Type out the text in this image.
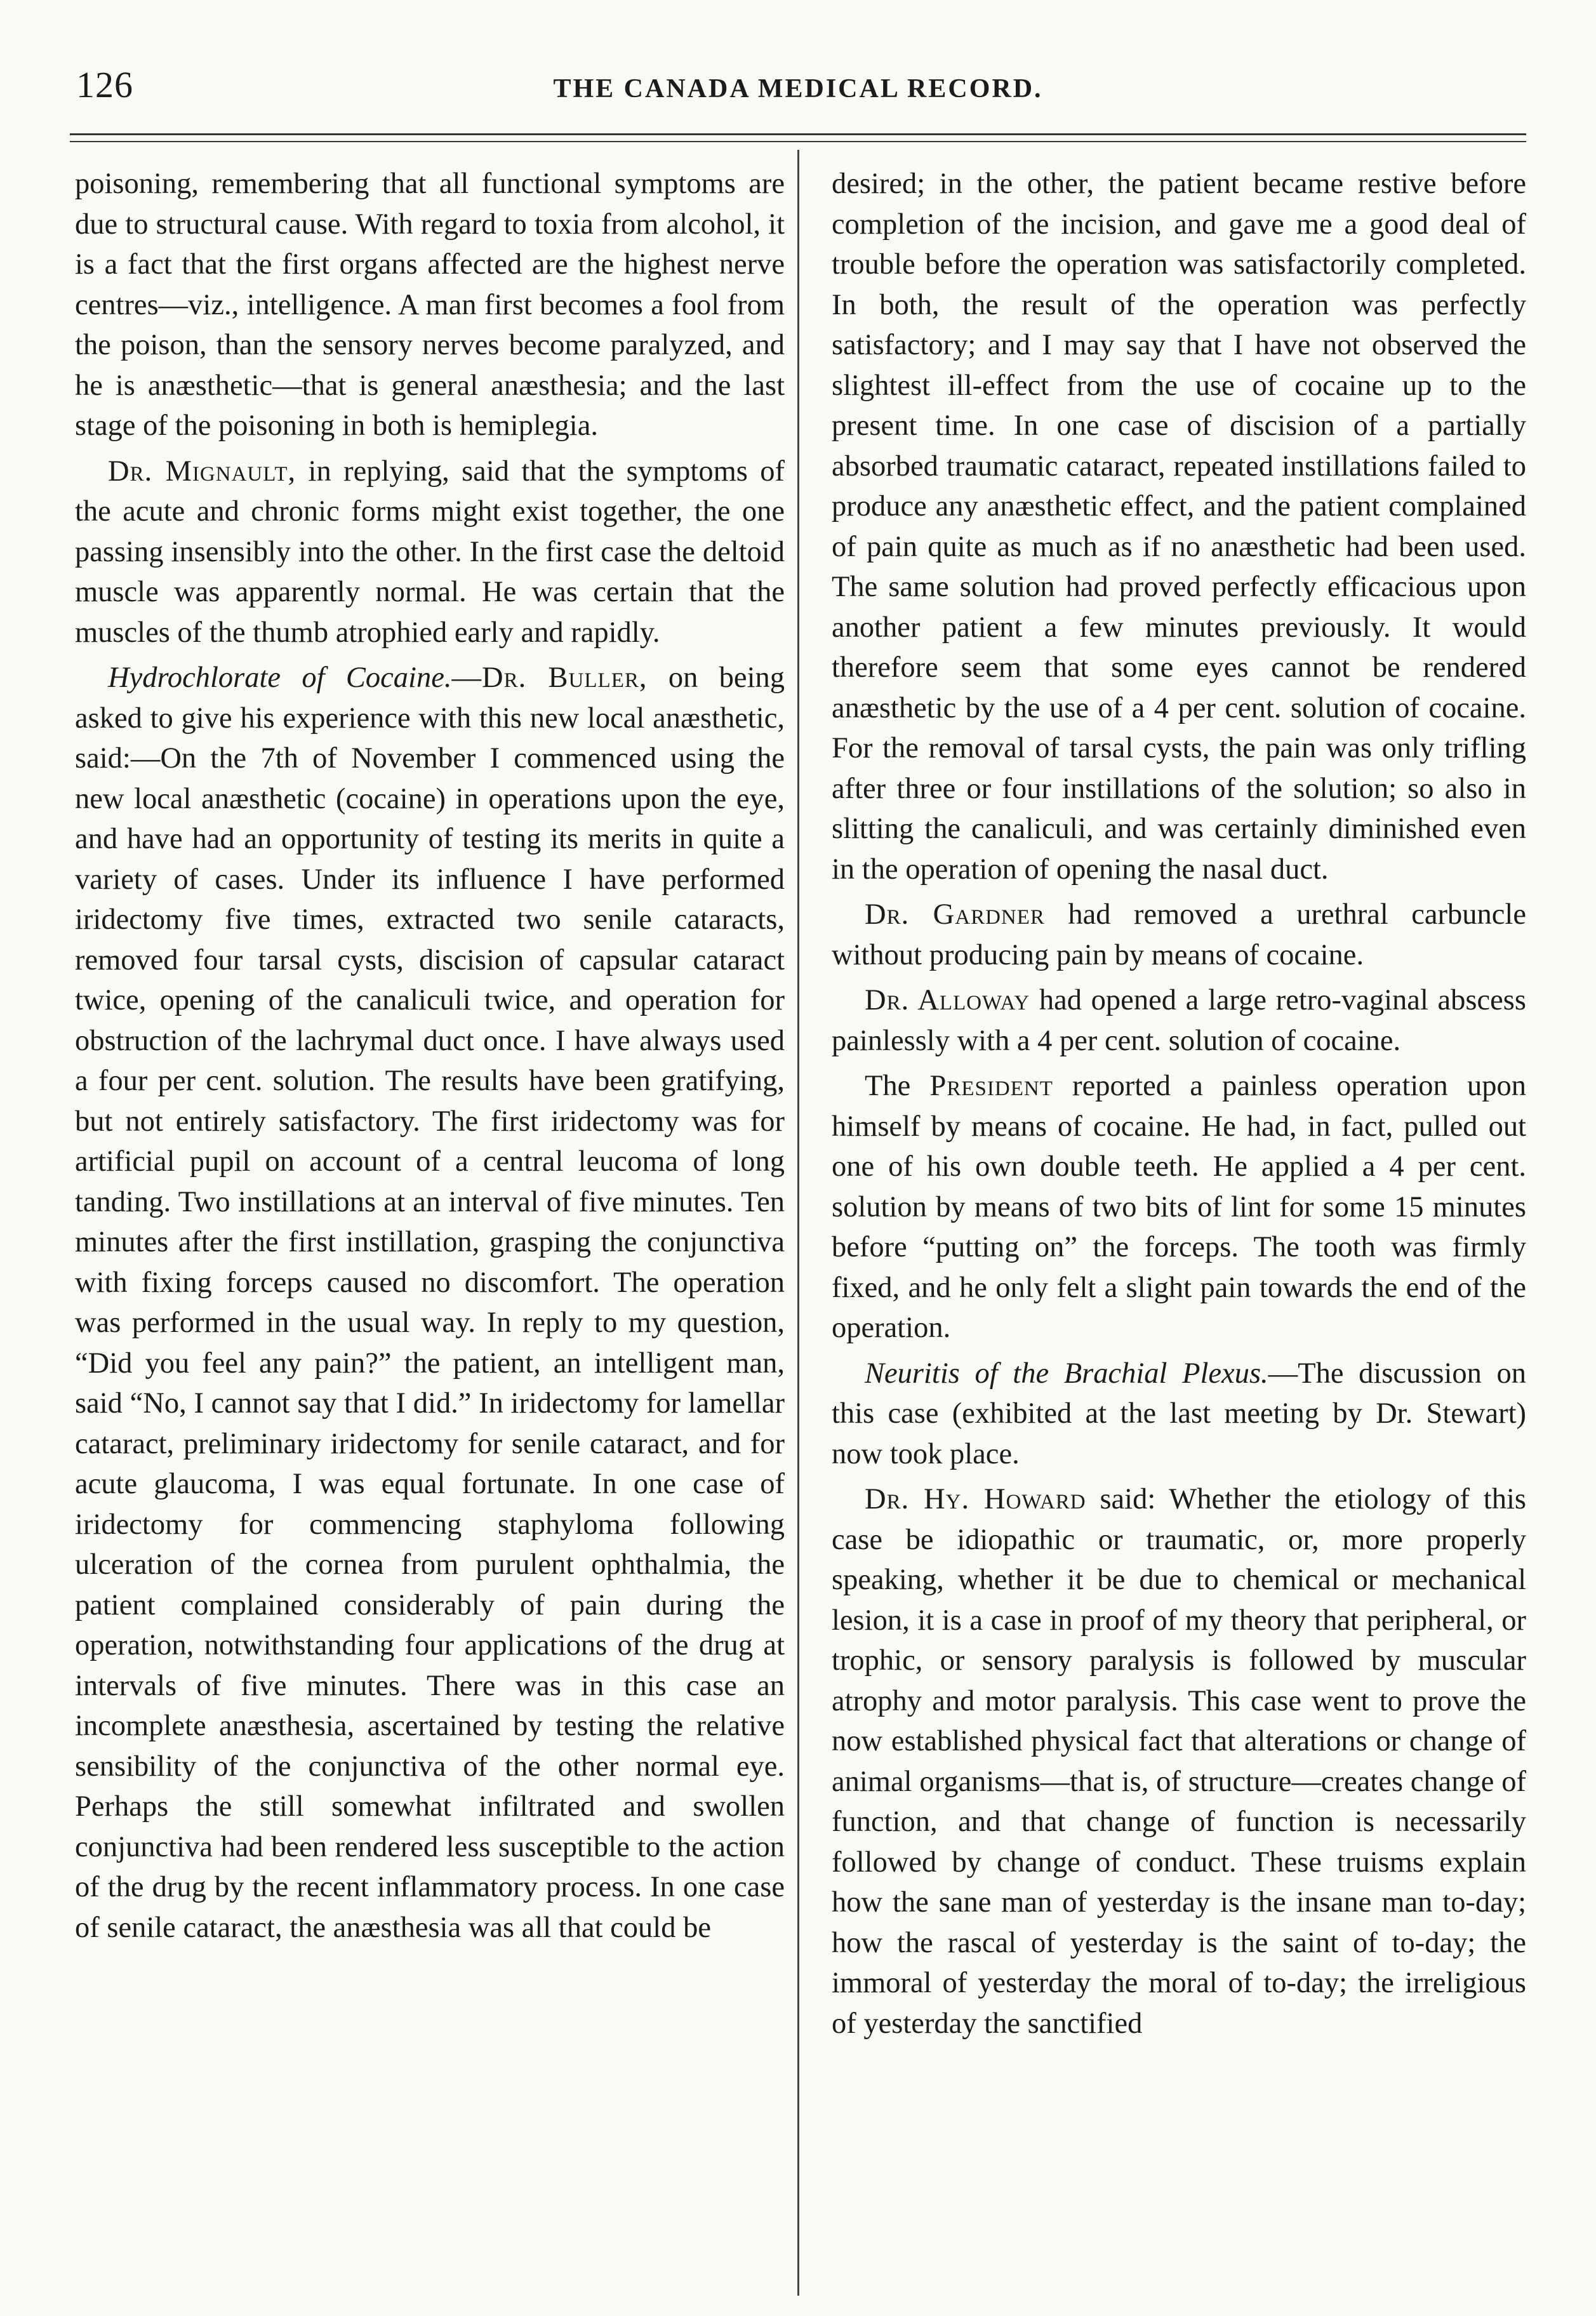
126	THE CANADA MEDICAL RECORD.

poisoning, remembering that all functional symptoms are due to structural cause. With regard to toxia from alcohol, it is a fact that the first organs affected are the highest nerve centres—viz., intelligence. A man first becomes a fool from the poison, than the sensory nerves become paralyzed, and he is anæsthetic—that is general anæsthesia; and the last stage of the poisoning in both is hemiplegia.

Dr. Mignault, in replying, said that the symptoms of the acute and chronic forms might exist together, the one passing insensibly into the other. In the first case the deltoid muscle was apparently normal. He was certain that the muscles of the thumb atrophied early and rapidly.

Hydrochlorate of Cocaine.—Dr. Buller, on being asked to give his experience with this new local anæsthetic, said:—On the 7th of November I commenced using the new local anæsthetic (cocaine) in operations upon the eye, and have had an opportunity of testing its merits in quite a variety of cases. Under its influence I have performed iridectomy five times, extracted two senile cataracts, removed four tarsal cysts, discision of capsular cataract twice, opening of the canaliculi twice, and operation for obstruction of the lachrymal duct once. I have always used a four per cent. solution. The results have been gratifying, but not entirely satisfactory. The first iridectomy was for artificial pupil on account of a central leucoma of long tanding. Two instillations at an interval of five minutes. Ten minutes after the first instillation, grasping the conjunctiva with fixing forceps caused no discomfort. The operation was performed in the usual way. In reply to my question, “Did you feel any pain?” the patient, an intelligent man, said “No, I cannot say that I did.” In iridectomy for lamellar cataract, preliminary iridectomy for senile cataract, and for acute glaucoma, I was equal fortunate. In one case of iridectomy for commencing staphyloma following ulceration of the cornea from purulent ophthalmia, the patient complained considerably of pain during the operation, notwithstanding four applications of the drug at intervals of five minutes. There was in this case an incomplete anæsthesia, ascertained by testing the relative sensibility of the conjunctiva of the other normal eye. Perhaps the still somewhat infiltrated and swollen conjunctiva had been rendered less susceptible to the action of the drug by the recent inflammatory process. In one case of senile cataract, the anæsthesia was all that could be

desired; in the other, the patient became restive before completion of the incision, and gave me a good deal of trouble before the operation was satisfactorily completed. In both, the result of the operation was perfectly satisfactory; and I may say that I have not observed the slightest ill-effect from the use of cocaine up to the present time. In one case of discision of a partially absorbed traumatic cataract, repeated instillations failed to produce any anæsthetic effect, and the patient complained of pain quite as much as if no anæsthetic had been used. The same solution had proved perfectly efficacious upon another patient a few minutes previously. It would therefore seem that some eyes cannot be rendered anæsthetic by the use of a 4 per cent. solution of cocaine. For the removal of tarsal cysts, the pain was only trifling after three or four instillations of the solution; so also in slitting the canaliculi, and was certainly diminished even in the operation of opening the nasal duct.

Dr. Gardner had removed a urethral carbuncle without producing pain by means of cocaine.

Dr. Alloway had opened a large retro-vaginal abscess painlessly with a 4 per cent. solution of cocaine.

The President reported a painless operation upon himself by means of cocaine. He had, in fact, pulled out one of his own double teeth. He applied a 4 per cent. solution by means of two bits of lint for some 15 minutes before “putting on” the forceps. The tooth was firmly fixed, and he only felt a slight pain towards the end of the operation.

Neuritis of the Brachial Plexus.—The discussion on this case (exhibited at the last meeting by Dr. Stewart) now took place.

Dr. Hy. Howard said: Whether the etiology of this case be idiopathic or traumatic, or, more properly speaking, whether it be due to chemical or mechanical lesion, it is a case in proof of my theory that peripheral, or trophic, or sensory paralysis is followed by muscular atrophy and motor paralysis. This case went to prove the now established physical fact that alterations or change of animal organisms—that is, of structure—creates change of function, and that change of function is necessarily followed by change of conduct. These truisms explain how the sane man of yesterday is the insane man to-day; how the rascal of yesterday is the saint of to-day; the immoral of yesterday the moral of to-day; the irreligious of yesterday the sanctified
